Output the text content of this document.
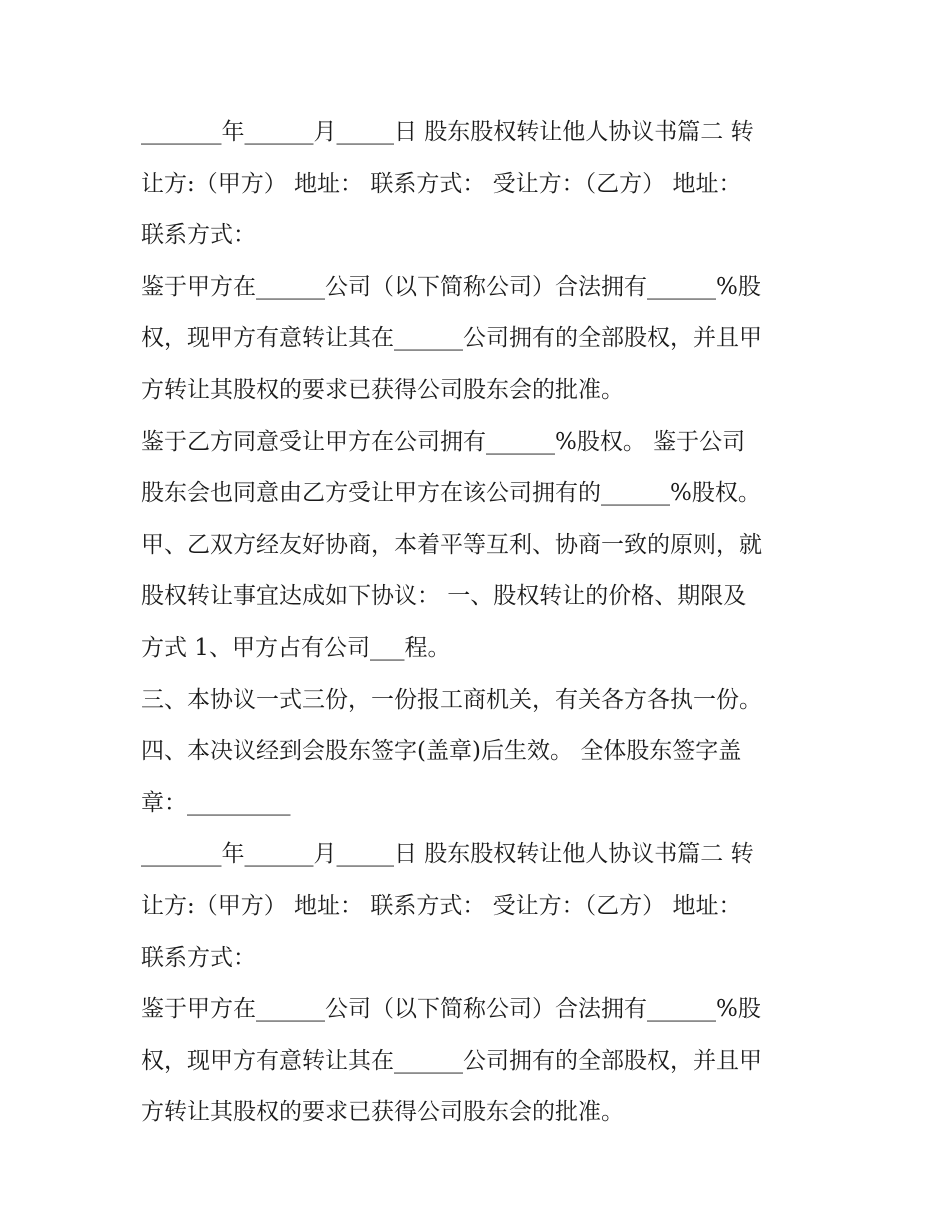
_______年______月_____日 股东股权转让他人协议书篇二 转
让方:（甲方） 地址： 联系方式： 受让方：（乙方） 地址：
联系方式：
鉴于甲方在______公司（以下简称公司）合法拥有______%股
权，现甲方有意转让其在______公司拥有的全部股权，并且甲
方转让其股权的要求已获得公司股东会的批准。
鉴于乙方同意受让甲方在公司拥有______%股权。 鉴于公司
股东会也同意由乙方受让甲方在该公司拥有的______%股权。
甲、乙双方经友好协商，本着平等互利、协商一致的原则，就
股权转让事宜达成如下协议： 一、股权转让的价格、期限及
方式 1、甲方占有公司___程。
三、本协议一式三份，一份报工商机关，有关各方各执一份。
四、本决议经到会股东签字(盖章)后生效。 全体股东签字盖
章：_________
_______年______月_____日 股东股权转让他人协议书篇二 转
让方:（甲方） 地址： 联系方式： 受让方：（乙方） 地址：
联系方式：
鉴于甲方在______公司（以下简称公司）合法拥有______%股
权，现甲方有意转让其在______公司拥有的全部股权，并且甲
方转让其股权的要求已获得公司股东会的批准。
